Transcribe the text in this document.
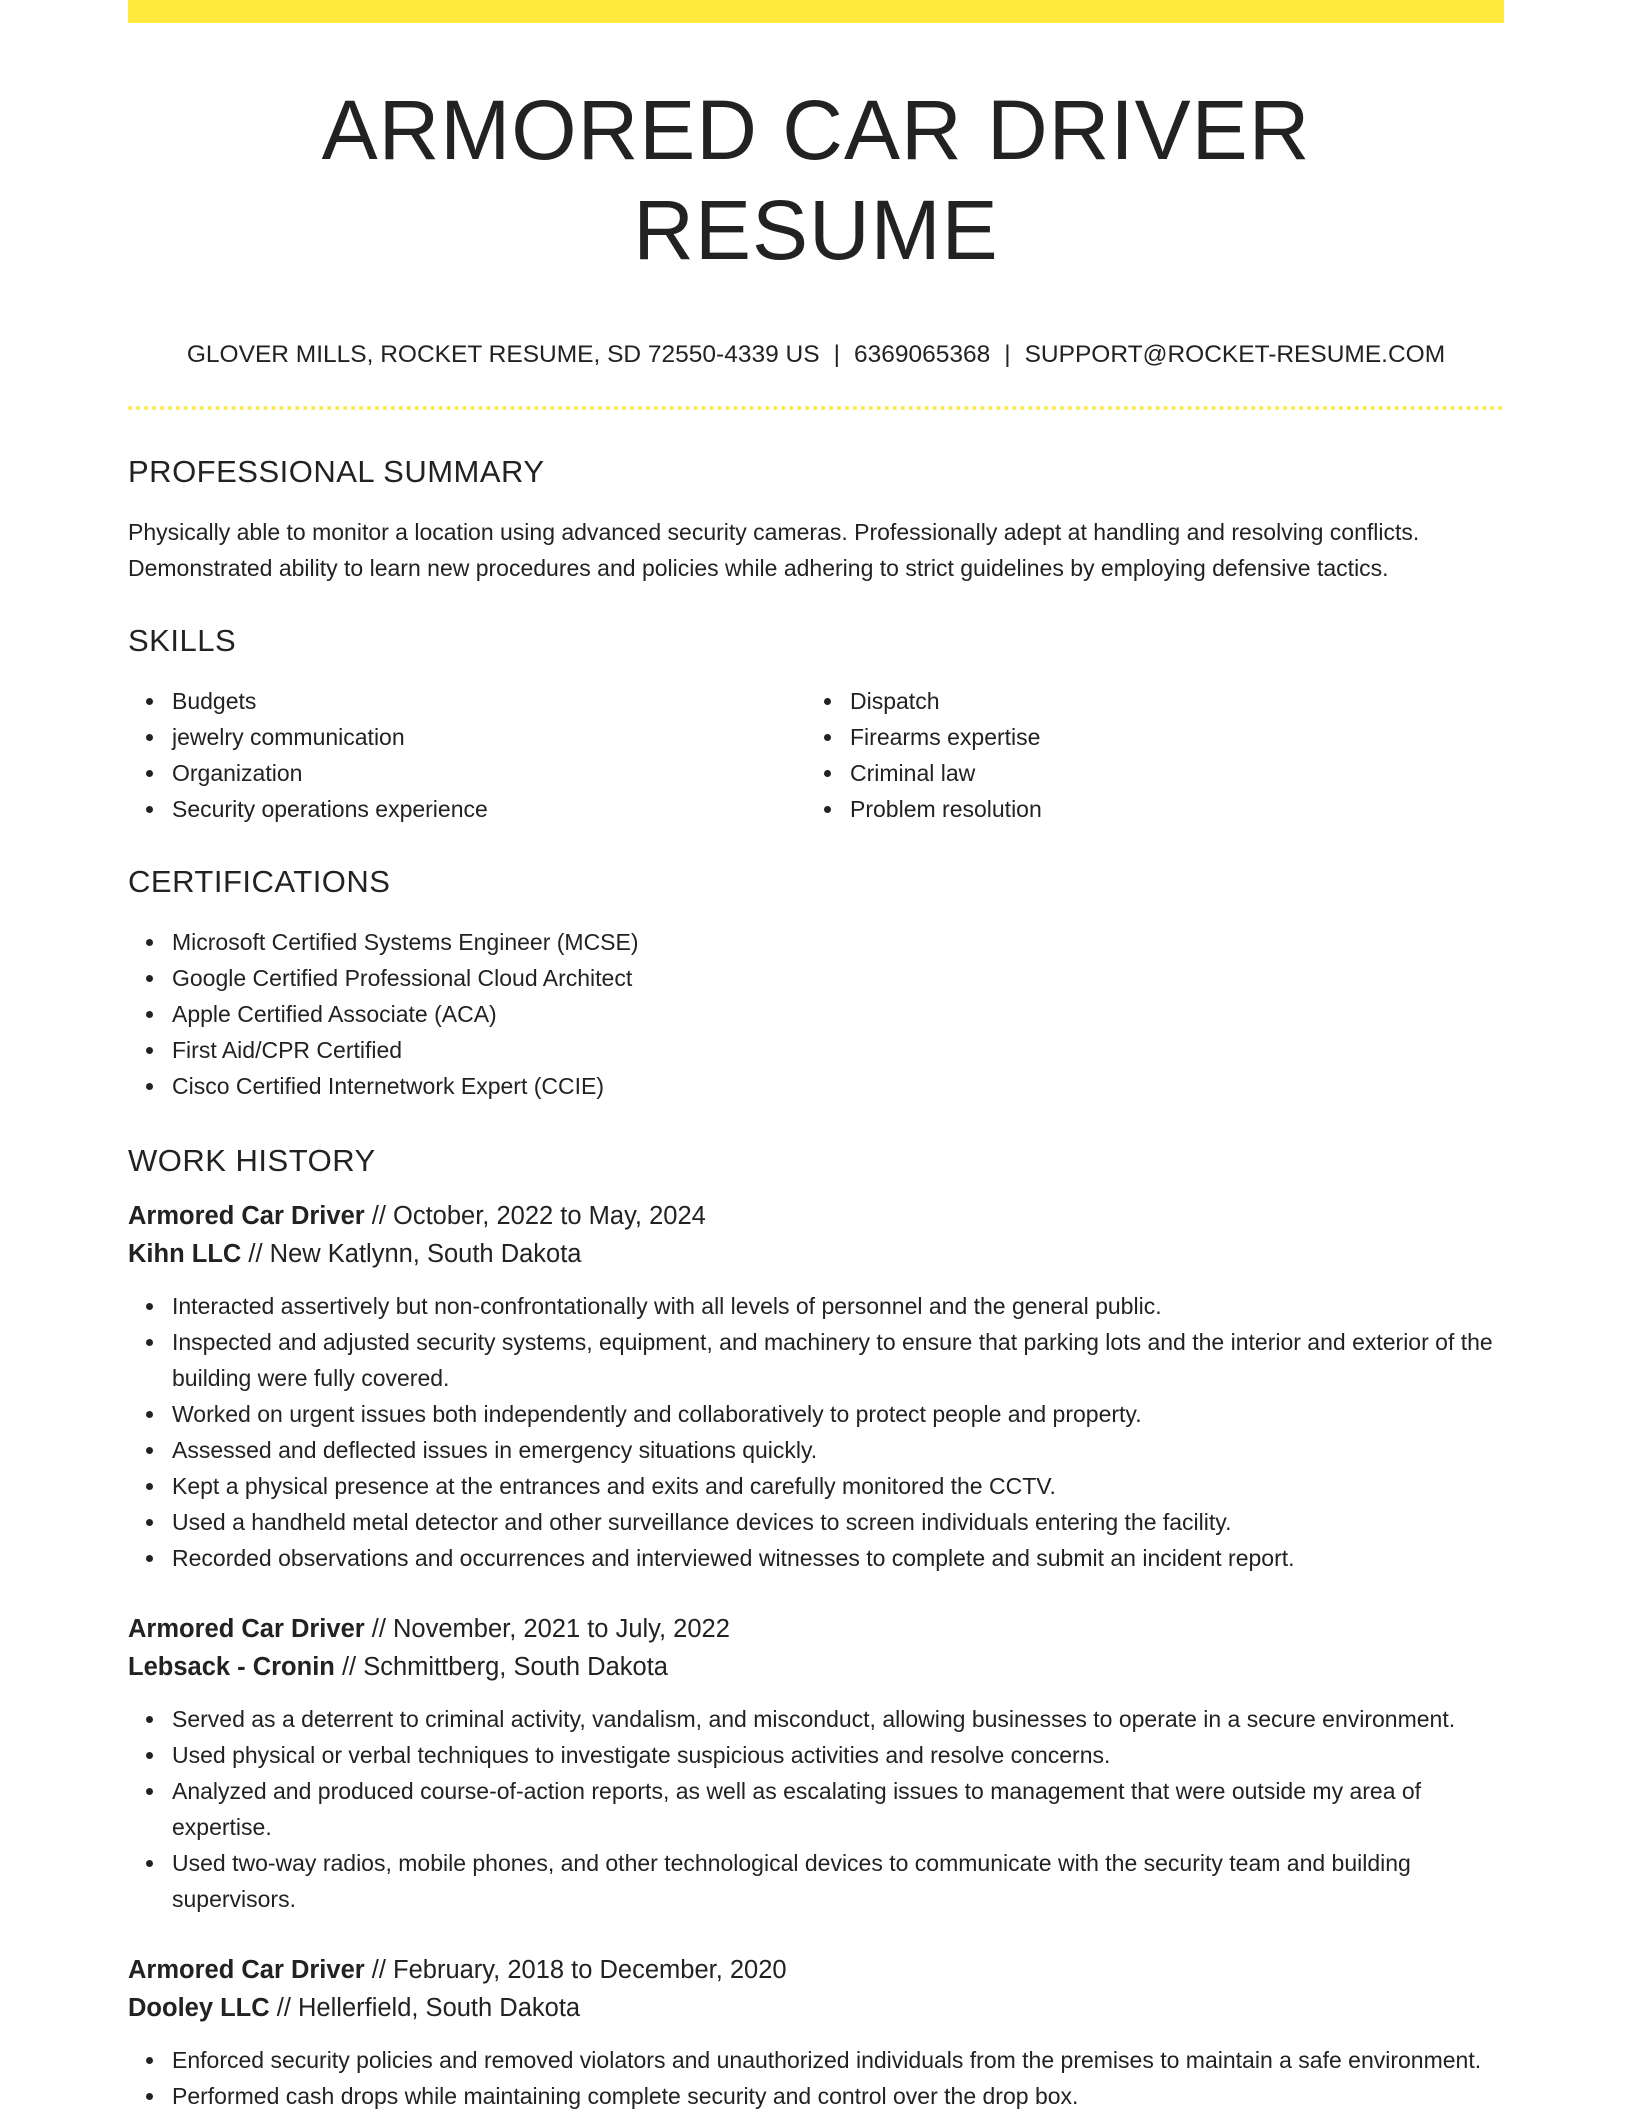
ARMORED CAR DRIVER RESUME
GLOVER MILLS, ROCKET RESUME, SD 72550-4339 US | 6369065368 | SUPPORT@ROCKET-RESUME.COM
PROFESSIONAL SUMMARY

Physically able to monitor a location using advanced security cameras. Professionally adept at handling and resolving conflicts. Demonstrated ability to learn new procedures and policies while adhering to strict guidelines by employing defensive tactics.

SKILLS
Budgets
jewelry communication
Organization
Security operations experience
Dispatch
Firearms expertise
Criminal law
Problem resolution
CERTIFICATIONS
Microsoft Certified Systems Engineer (MCSE)
Google Certified Professional Cloud Architect
Apple Certified Associate (ACA)
First Aid/CPR Certified
Cisco Certified Internetwork Expert (CCIE)
WORK HISTORY
Armored Car Driver // October, 2022 to May, 2024
Kihn LLC // New Katlynn, South Dakota
Interacted assertively but non-confrontationally with all levels of personnel and the general public.
Inspected and adjusted security systems, equipment, and machinery to ensure that parking lots and the interior and exterior of the building were fully covered.
Worked on urgent issues both independently and collaboratively to protect people and property.
Assessed and deflected issues in emergency situations quickly.
Kept a physical presence at the entrances and exits and carefully monitored the CCTV.
Used a handheld metal detector and other surveillance devices to screen individuals entering the facility.
Recorded observations and occurrences and interviewed witnesses to complete and submit an incident report.
Armored Car Driver // November, 2021 to July, 2022
Lebsack - Cronin // Schmittberg, South Dakota
Served as a deterrent to criminal activity, vandalism, and misconduct, allowing businesses to operate in a secure environment.
Used physical or verbal techniques to investigate suspicious activities and resolve concerns.
Analyzed and produced course-of-action reports, as well as escalating issues to management that were outside my area of expertise.
Used two-way radios, mobile phones, and other technological devices to communicate with the security team and building supervisors.
Armored Car Driver // February, 2018 to December, 2020
Dooley LLC // Hellerfield, South Dakota
Enforced security policies and removed violators and unauthorized individuals from the premises to maintain a safe environment.
Performed cash drops while maintaining complete security and control over the drop box.
